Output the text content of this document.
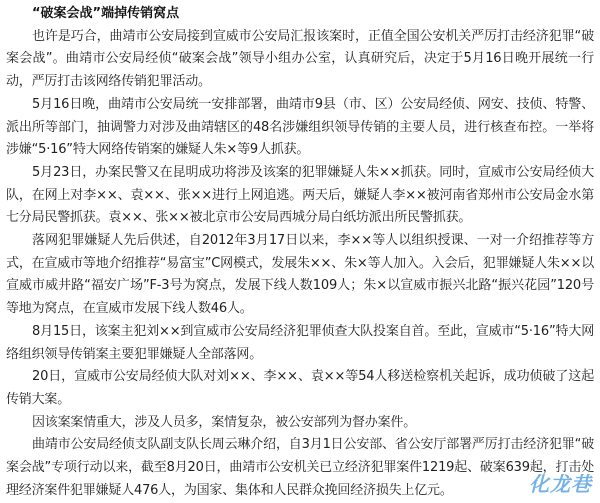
“破案会战”端掉传销窝点

也许是巧合，曲靖市公安局接到宣威市公安局汇报该案时，正值全国公安机关严厉打击经济犯罪“破案会战”。曲靖市公安局经侦“破案会战”领导小组办公室，认真研究后，决定于5月16日晚开展统一行动，严厉打击该网络传销犯罪活动。

5月16日晚，曲靖市公安局统一安排部署，曲靖市9县（市、区）公安局经侦、网安、技侦、特警、派出所等部门，抽调警力对涉及曲靖辖区的48名涉嫌组织领导传销的主要人员，进行核查布控。一举将涉嫌“5·16”特大网络传销案的嫌疑人朱×等9人抓获。

5月23日，办案民警又在昆明成功将涉及该案的犯罪嫌疑人朱××抓获。同时，宣威市公安局经侦大队，在网上对李××、袁××、张××进行上网追逃。两天后，嫌疑人李××被河南省郑州市公安局金水第七分局民警抓获。袁××、张××被北京市公安局西城分局白纸坊派出所民警抓获。

落网犯罪嫌疑人先后供述，自2012年3月17日以来，李××等人以组织授课、一对一介绍推荐等方式，在宣威市等地介绍推荐“易富宝”C网模式，发展朱××、朱×等人加入。入会后，犯罪嫌疑人朱××以宣威市威井路“福安广场”F-3号为窝点，发展下线人数109人；朱×以宣威市振兴北路“振兴花园”120号等地为窝点，在宣威市发展下线人数46人。

8月15日，该案主犯刘××到宣威市公安局经济犯罪侦查大队投案自首。至此，宣威市“5·16”特大网络组织领导传销案主要犯罪嫌疑人全部落网。

20日，宣威市公安局经侦大队对刘××、李××、袁××等54人移送检察机关起诉，成功侦破了这起传销大案。

因该案案情重大，涉及人员多，案情复杂，被公安部列为督办案件。

曲靖市公安局经侦支队副支队长周云琳介绍，自3月1日公安部、省公安厅部署严厉打击经济犯罪“破案会战”专项行动以来，截至8月20日，曲靖市公安机关已立经济犯罪案件1219起、破案639起，打击处理经济案件犯罪嫌疑人476人，为国家、集体和人民群众挽回经济损失上亿元。	化龙巷
